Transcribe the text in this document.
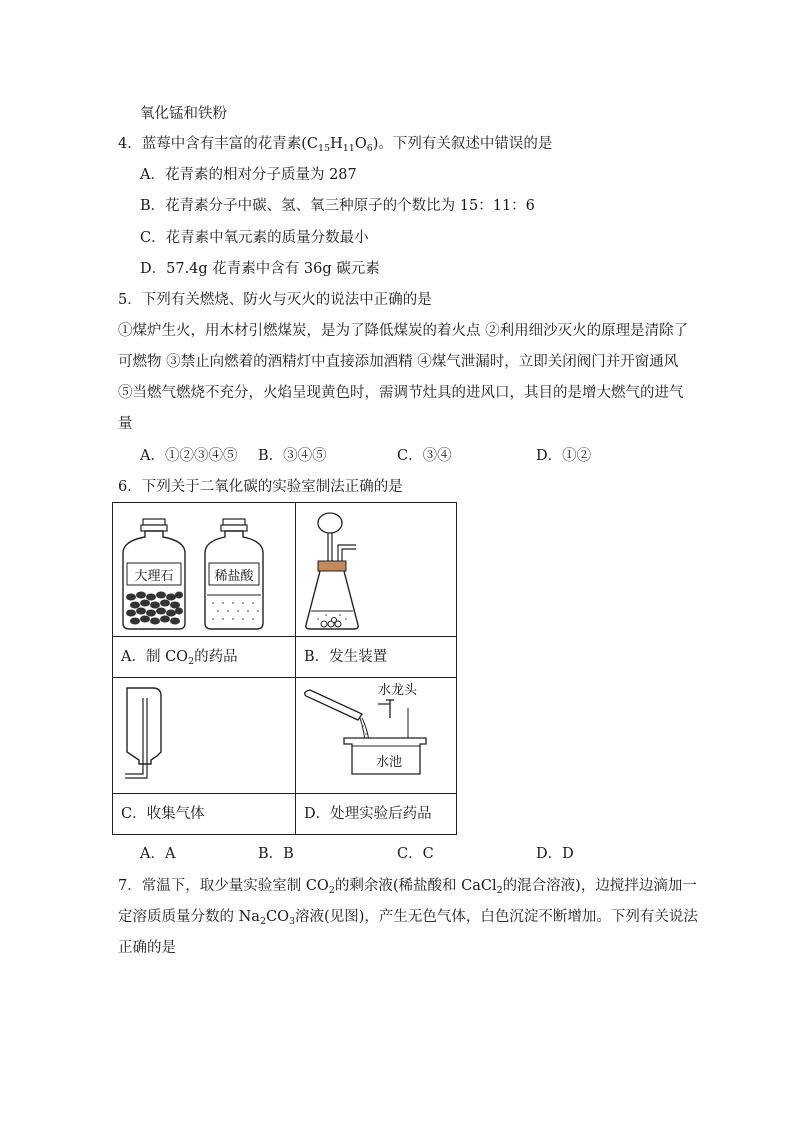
氧化锰和铁粉
4．蓝莓中含有丰富的花青素$(C_{15}H_{11}O_6)$。下列有关叙述中错误的是
A．花青素的相对分子质量为 287
B．花青素分子中碳、氢、氧三种原子的个数比为 15：11：6
C．花青素中氧元素的质量分数最小
D．57.4g 花青素中含有 36g 碳元素
5．下列有关燃烧、防火与灭火的说法中正确的是
①煤炉生火，用木材引燃煤炭，是为了降低煤炭的着火点 ②利用细沙灭火的原理是清除了
可燃物 ③禁止向燃着的酒精灯中直接添加酒精 ④煤气泄漏时，立即关闭阀门并开窗通风
⑤当燃气燃烧不充分，火焰呈现黄色时，需调节灶具的进风口，其目的是增大燃气的进气
量
A．①②③④⑤ B．③④⑤	C．③④	D．①②
6．下列关于二氧化碳的实验室制法正确的是
大理石 稀盐酸

A．制 $CO_2$的药品	B．发生装置

水龙头
水池

C．收集气体	D．处理实验后药品
A．A	B．B	C．C	D．D
7．常温下，取少量实验室制 $CO_2$的剩余液(稀盐酸和 CaCl$_2$的混合溶液)，边搅拌边滴加一
定溶质质量分数的 $Na_2CO_3$溶液(见图)，产生无色气体，白色沉淀不断增加。下列有关说法
正确的是
